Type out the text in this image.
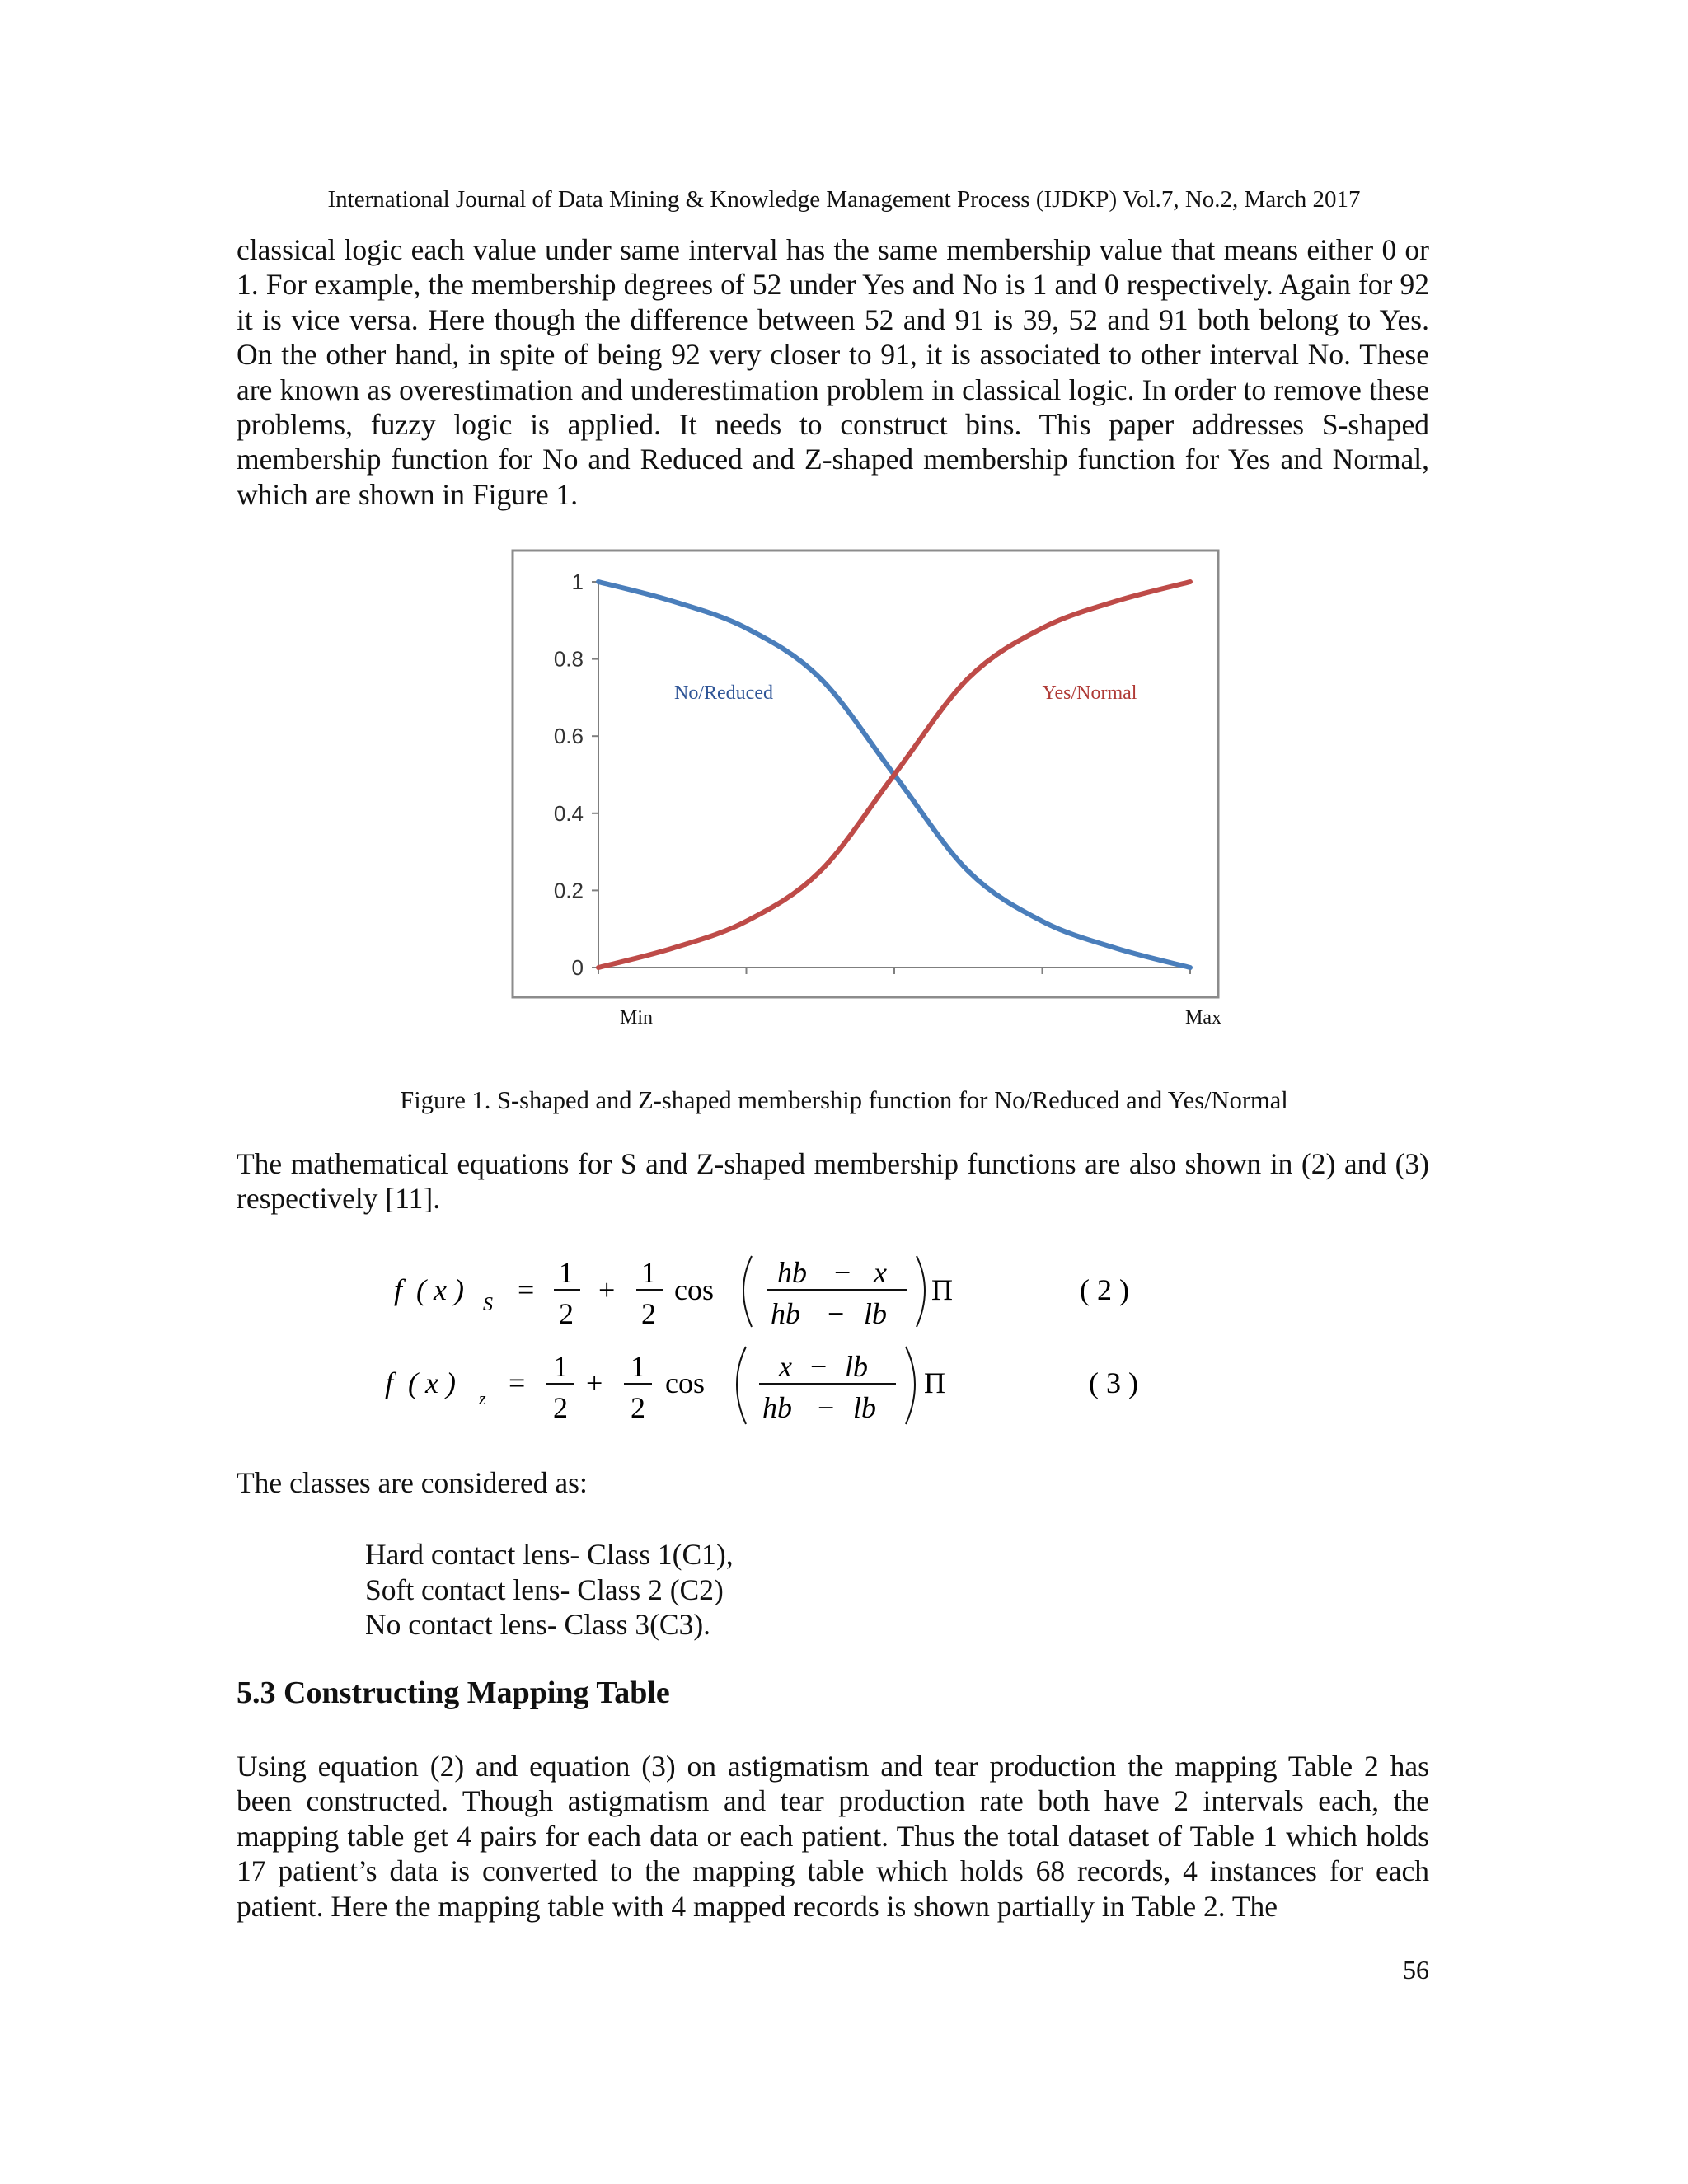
International Journal of Data Mining & Knowledge Management Process (IJDKP) Vol.7, No.2, March 2017

classical logic each value under same interval has the same membership value that means either 0 or 1. For example, the membership degrees of 52 under Yes and No is 1 and 0 respectively. Again for 92 it is vice versa. Here though the difference between 52 and 91 is 39, 52 and 91 both belong to Yes. On the other hand, in spite of being 92 very closer to 91, it is associated to other interval No. These are known as overestimation and underestimation problem in classical logic. In order to remove these problems, fuzzy logic is applied. It needs to construct bins. This paper addresses S-shaped membership function for No and Reduced and Z-shaped membership function for Yes and Normal, which are shown in Figure 1.

0
0.2
0.4
0.6
0.8
1
No/Reduced	Yes/Normal
Min	Max
Figure 1. S-shaped and Z-shaped membership function for No/Reduced and Yes/Normal

The mathematical equations for S and Z-shaped membership functions are also shown in (2) and (3) respectively [11].

f ( x ) S =
1
2
+
1
2
cos
hb − x
hb − lb
Π	( 2 )
f ( x ) z = 1
2
+ 1
2
cos	x − lb
hb − lb
Π	( 3 )

The classes are considered as:

Hard contact lens- Class 1(C1),
Soft contact lens- Class 2 (C2)
No contact lens- Class 3(C3).
5.3 Constructing Mapping Table

Using equation (2) and equation (3) on astigmatism and tear production the mapping Table 2 has been constructed. Though astigmatism and tear production rate both have 2 intervals each, the mapping table get 4 pairs for each data or each patient. Thus the total dataset of Table 1 which holds 17 patient’s data is converted to the mapping table which holds 68 records, 4 instances for each patient. Here the mapping table with 4 mapped records is shown partially in Table 2. The

56
